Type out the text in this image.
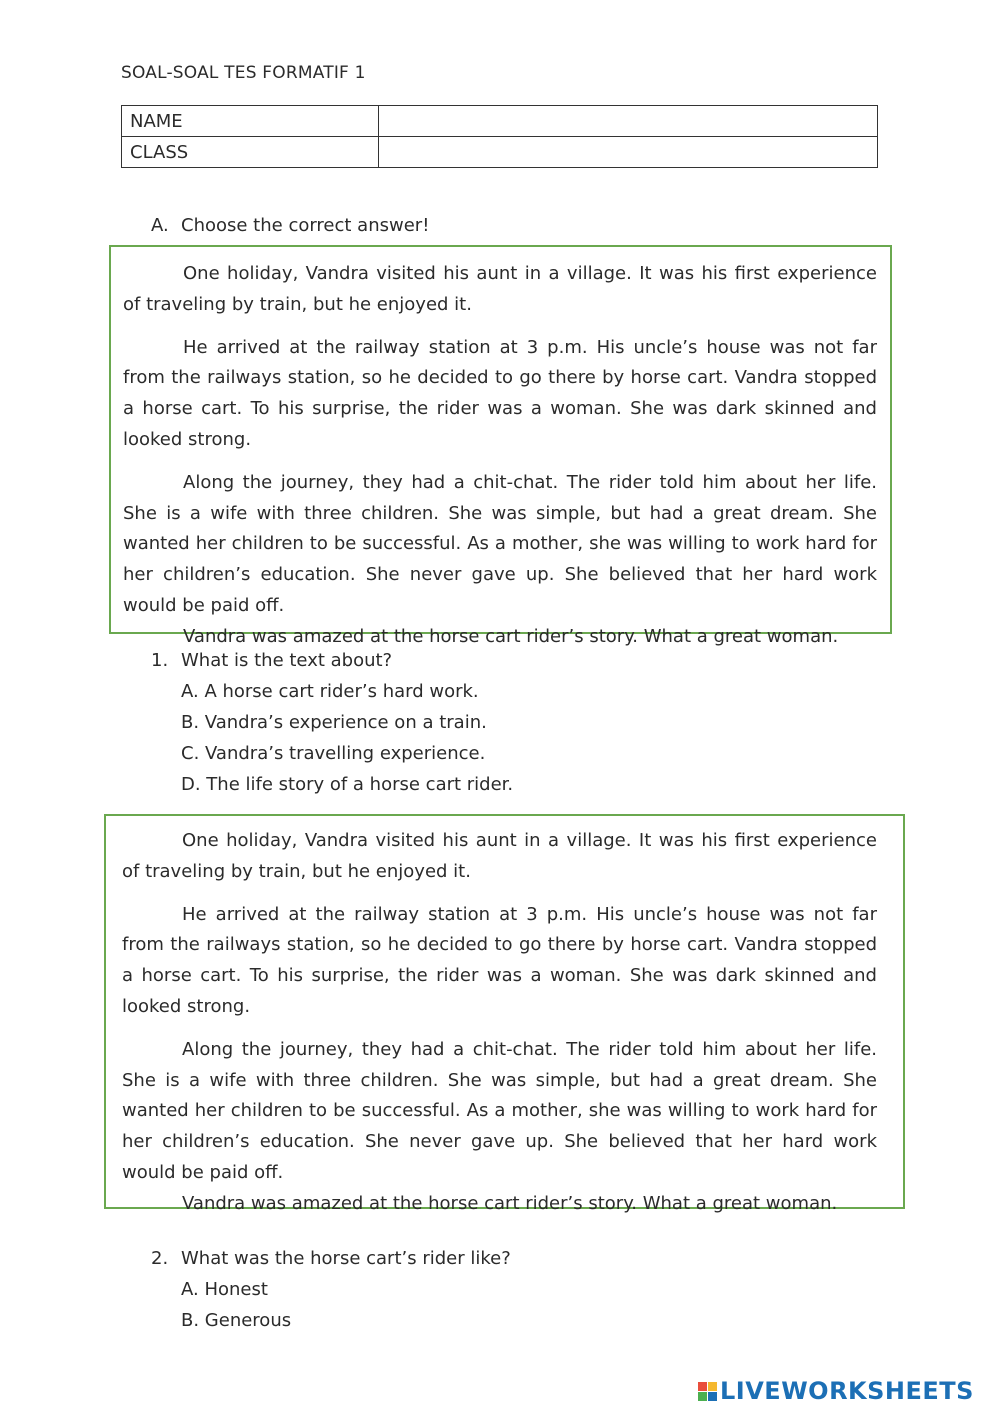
SOAL-SOAL TES FORMATIF 1
NAME	
CLASS	
A. Choose the correct answer!

One holiday, Vandra visited his aunt in a village. It was his first experience of traveling by train, but he enjoyed it.

He arrived at the railway station at 3 p.m. His uncle’s house was not far from the railways station, so he decided to go there by horse cart. Vandra stopped a horse cart. To his surprise, the rider was a woman. She was dark skinned and looked strong.

Along the journey, they had a chit-chat. The rider told him about her life. She is a wife with three children. She was simple, but had a great dream. She wanted her children to be successful. As a mother, she was willing to work hard for her children’s education. She never gave up. She believed that her hard work would be paid off.

Vandra was amazed at the horse cart rider’s story. What a great woman.

1. What is the text about?
A. A horse cart rider’s hard work.
B. Vandra’s experience on a train.
C. Vandra’s travelling experience.
D. The life story of a horse cart rider.

One holiday, Vandra visited his aunt in a village. It was his first experience of traveling by train, but he enjoyed it.

He arrived at the railway station at 3 p.m. His uncle’s house was not far from the railways station, so he decided to go there by horse cart. Vandra stopped a horse cart. To his surprise, the rider was a woman. She was dark skinned and looked strong.

Along the journey, they had a chit-chat. The rider told him about her life. She is a wife with three children. She was simple, but had a great dream. She wanted her children to be successful. As a mother, she was willing to work hard for her children’s education. She never gave up. She believed that her hard work would be paid off.

Vandra was amazed at the horse cart rider’s story. What a great woman.

2. What was the horse cart’s rider like?
A. Honest
B. Generous
LIVEWORKSHEETS
